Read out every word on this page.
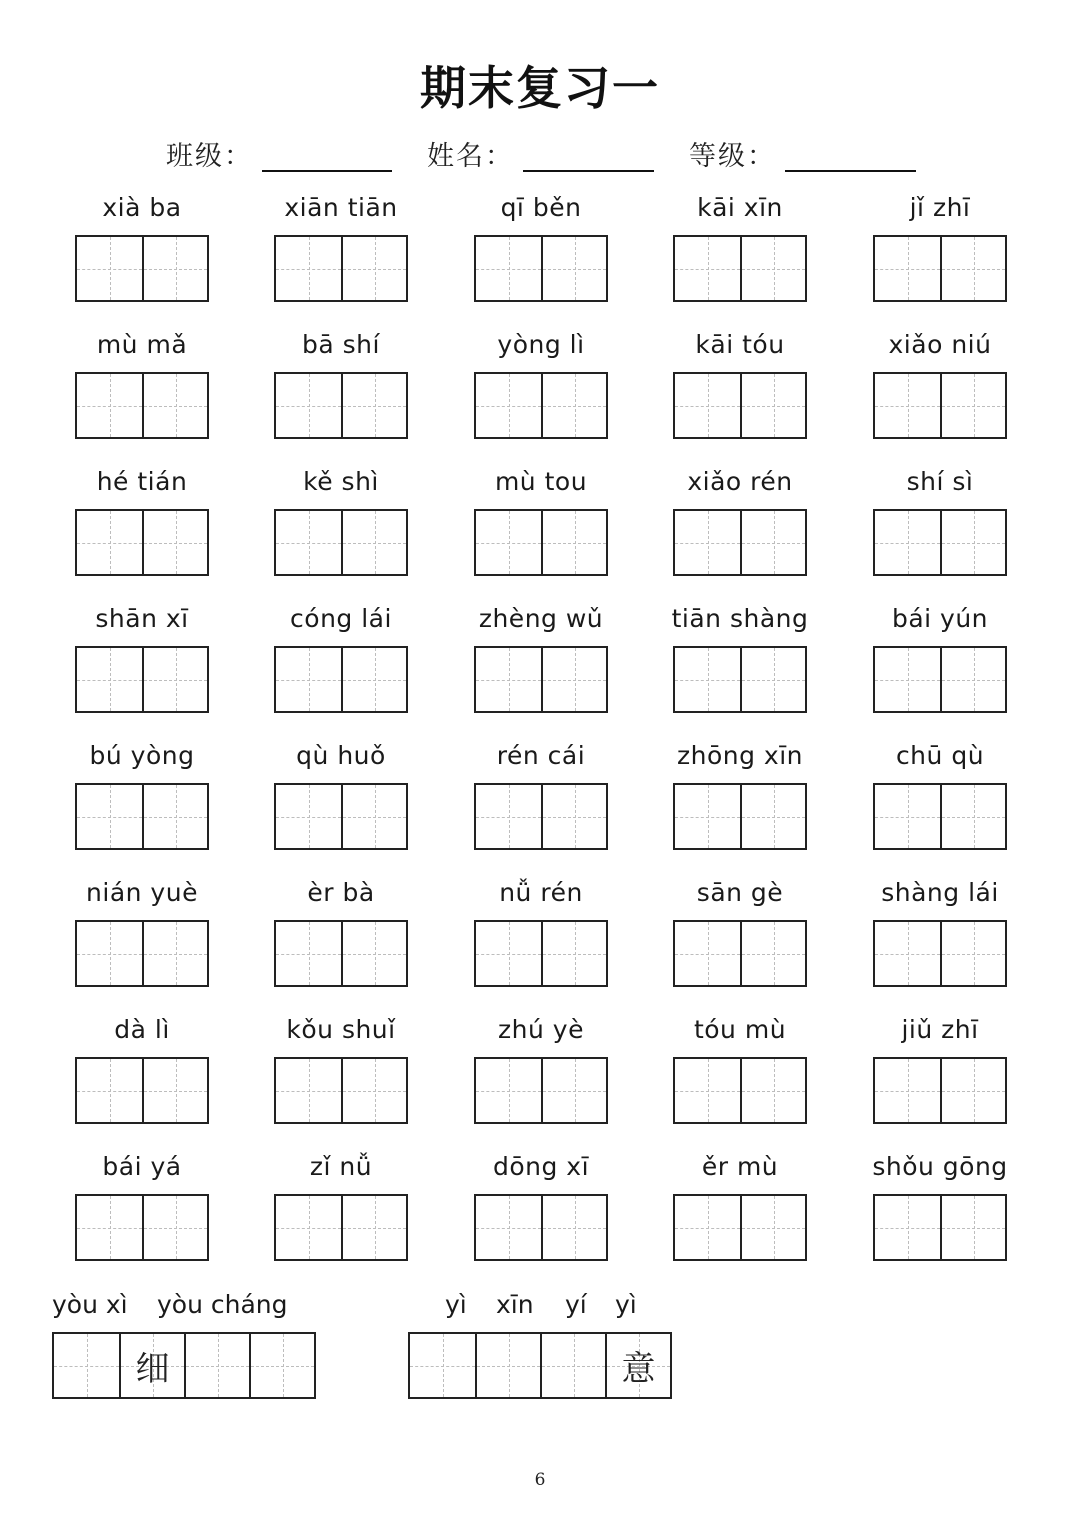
期末复习一
班级：	姓名：	等级：
xià ba	xiān tiān	qī běn	kāi xīn	jǐ zhī
mù mǎ	bā shí	yòng lì	kāi tóu	xiǎo niú
hé tián	kě shì	mù tou	xiǎo rén	shí sì
shān xī	cóng lái	zhèng wǔ	tiān shàng	bái yún
bú yòng	qù huǒ	rén cái	zhōng xīn	chū qù
nián yuè	èr bà	nǚ rén	sān gè	shàng lái
dà lì	kǒu shuǐ	zhú yè	tóu mù	jiǔ zhī
bái yá	zǐ nǚ	dōng xī	ěr mù	shǒu gōng
yòu xì yòu cháng
细
yì xīn yí yì
意
6
